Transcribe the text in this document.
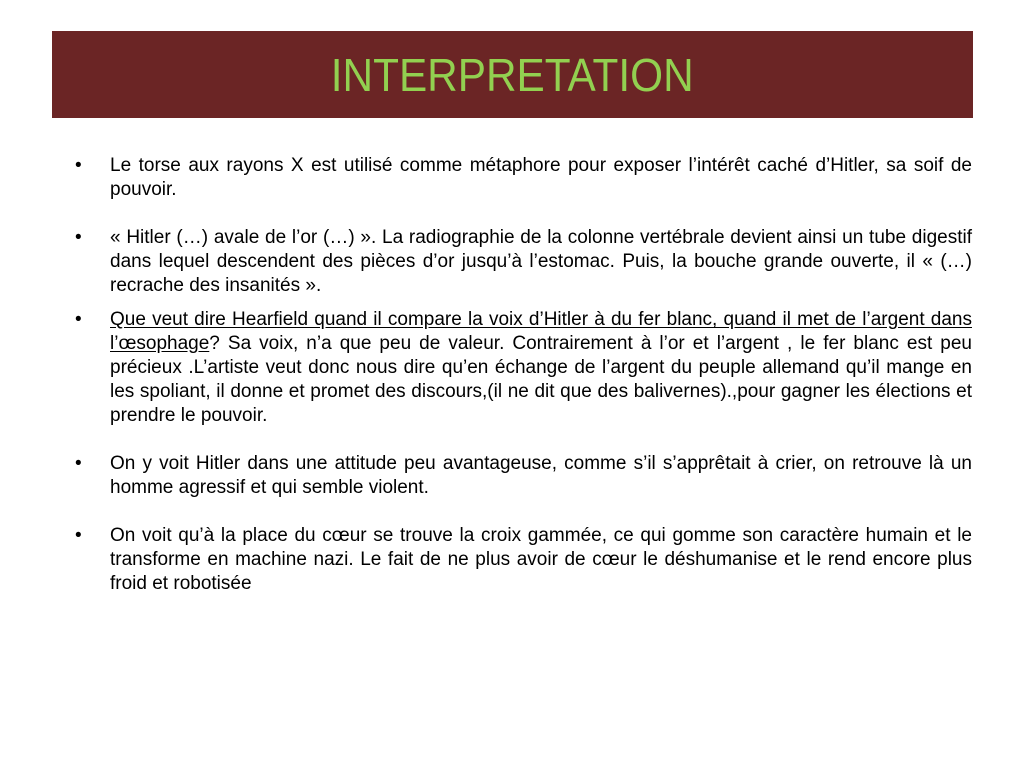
INTERPRETATION
• Le torse aux rayons X est utilisé comme métaphore pour exposer l’intérêt caché d’Hitler, sa soif de pouvoir.
• « Hitler (…) avale de l’or (…) ». La radiographie de la colonne vertébrale devient ainsi un tube digestif dans lequel descendent des pièces d’or jusqu’à l’estomac. Puis, la bouche grande ouverte, il « (…) recrache des insanités ».
• Que veut dire Hearfield quand il compare la voix d’Hitler à du fer blanc, quand il met de l’argent dans l’œsophage? Sa voix, n’a que peu de valeur. Contrairement à l’or et l’argent , le fer blanc est peu précieux .L’artiste veut donc nous dire qu’en échange de l’argent du peuple allemand qu’il mange en les spoliant, il donne et promet des discours,(il ne dit que des balivernes).,pour gagner les élections et prendre le pouvoir.
• On y voit Hitler dans une attitude peu avantageuse, comme s’il s’apprêtait à crier, on retrouve là un homme agressif et qui semble violent.
• On voit qu’à la place du cœur se trouve la croix gammée, ce qui gomme son caractère humain et le transforme en machine nazi. Le fait de ne plus avoir de cœur le déshumanise et le rend encore plus froid et robotisée
